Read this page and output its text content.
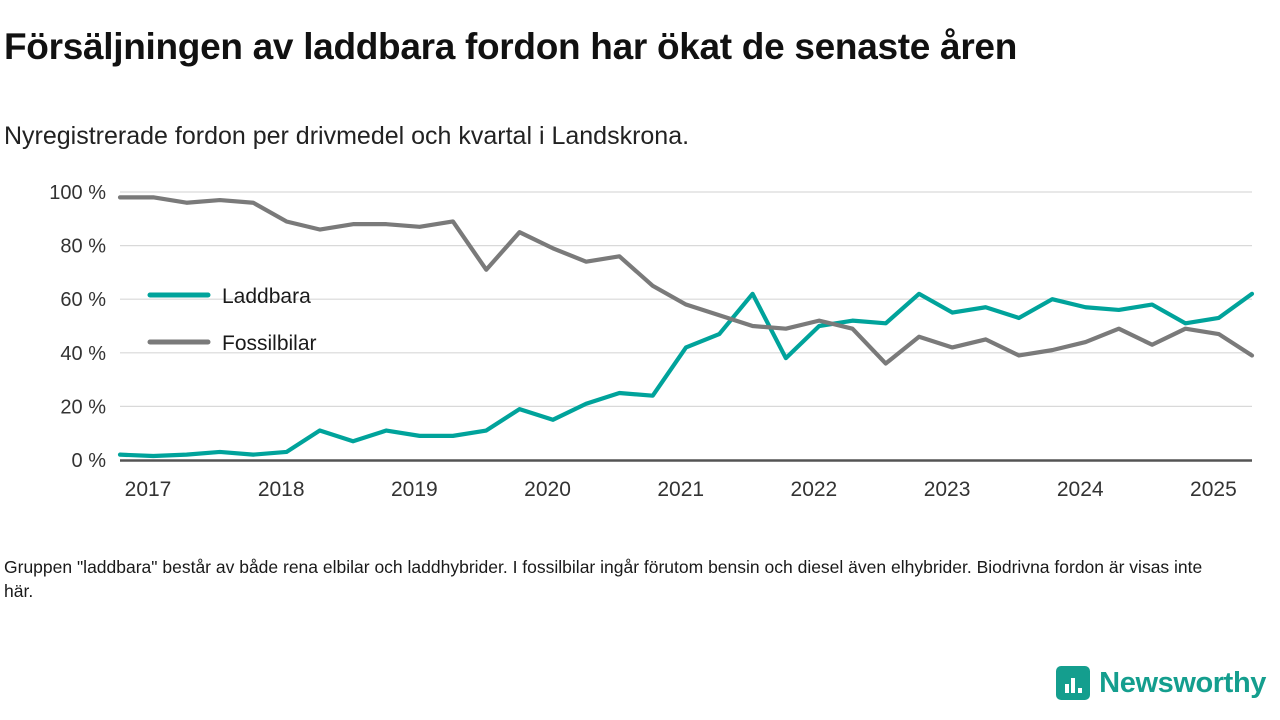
Försäljningen av laddbara fordon har ökat de senaste åren
Nyregistrerade fordon per drivmedel och kvartal i Landskrona.
0 %
20 %
40 %
60 %
80 %
100 %
2017	2018	2019	2020	2021	2022	2023	2024	2025
Laddbara
Fossilbilar
Gruppen "laddbara" består av både rena elbilar och laddhybrider. I fossilbilar ingår förutom bensin och diesel även elhybrider. Biodrivna fordon är visas inte här.
Newsworthy
